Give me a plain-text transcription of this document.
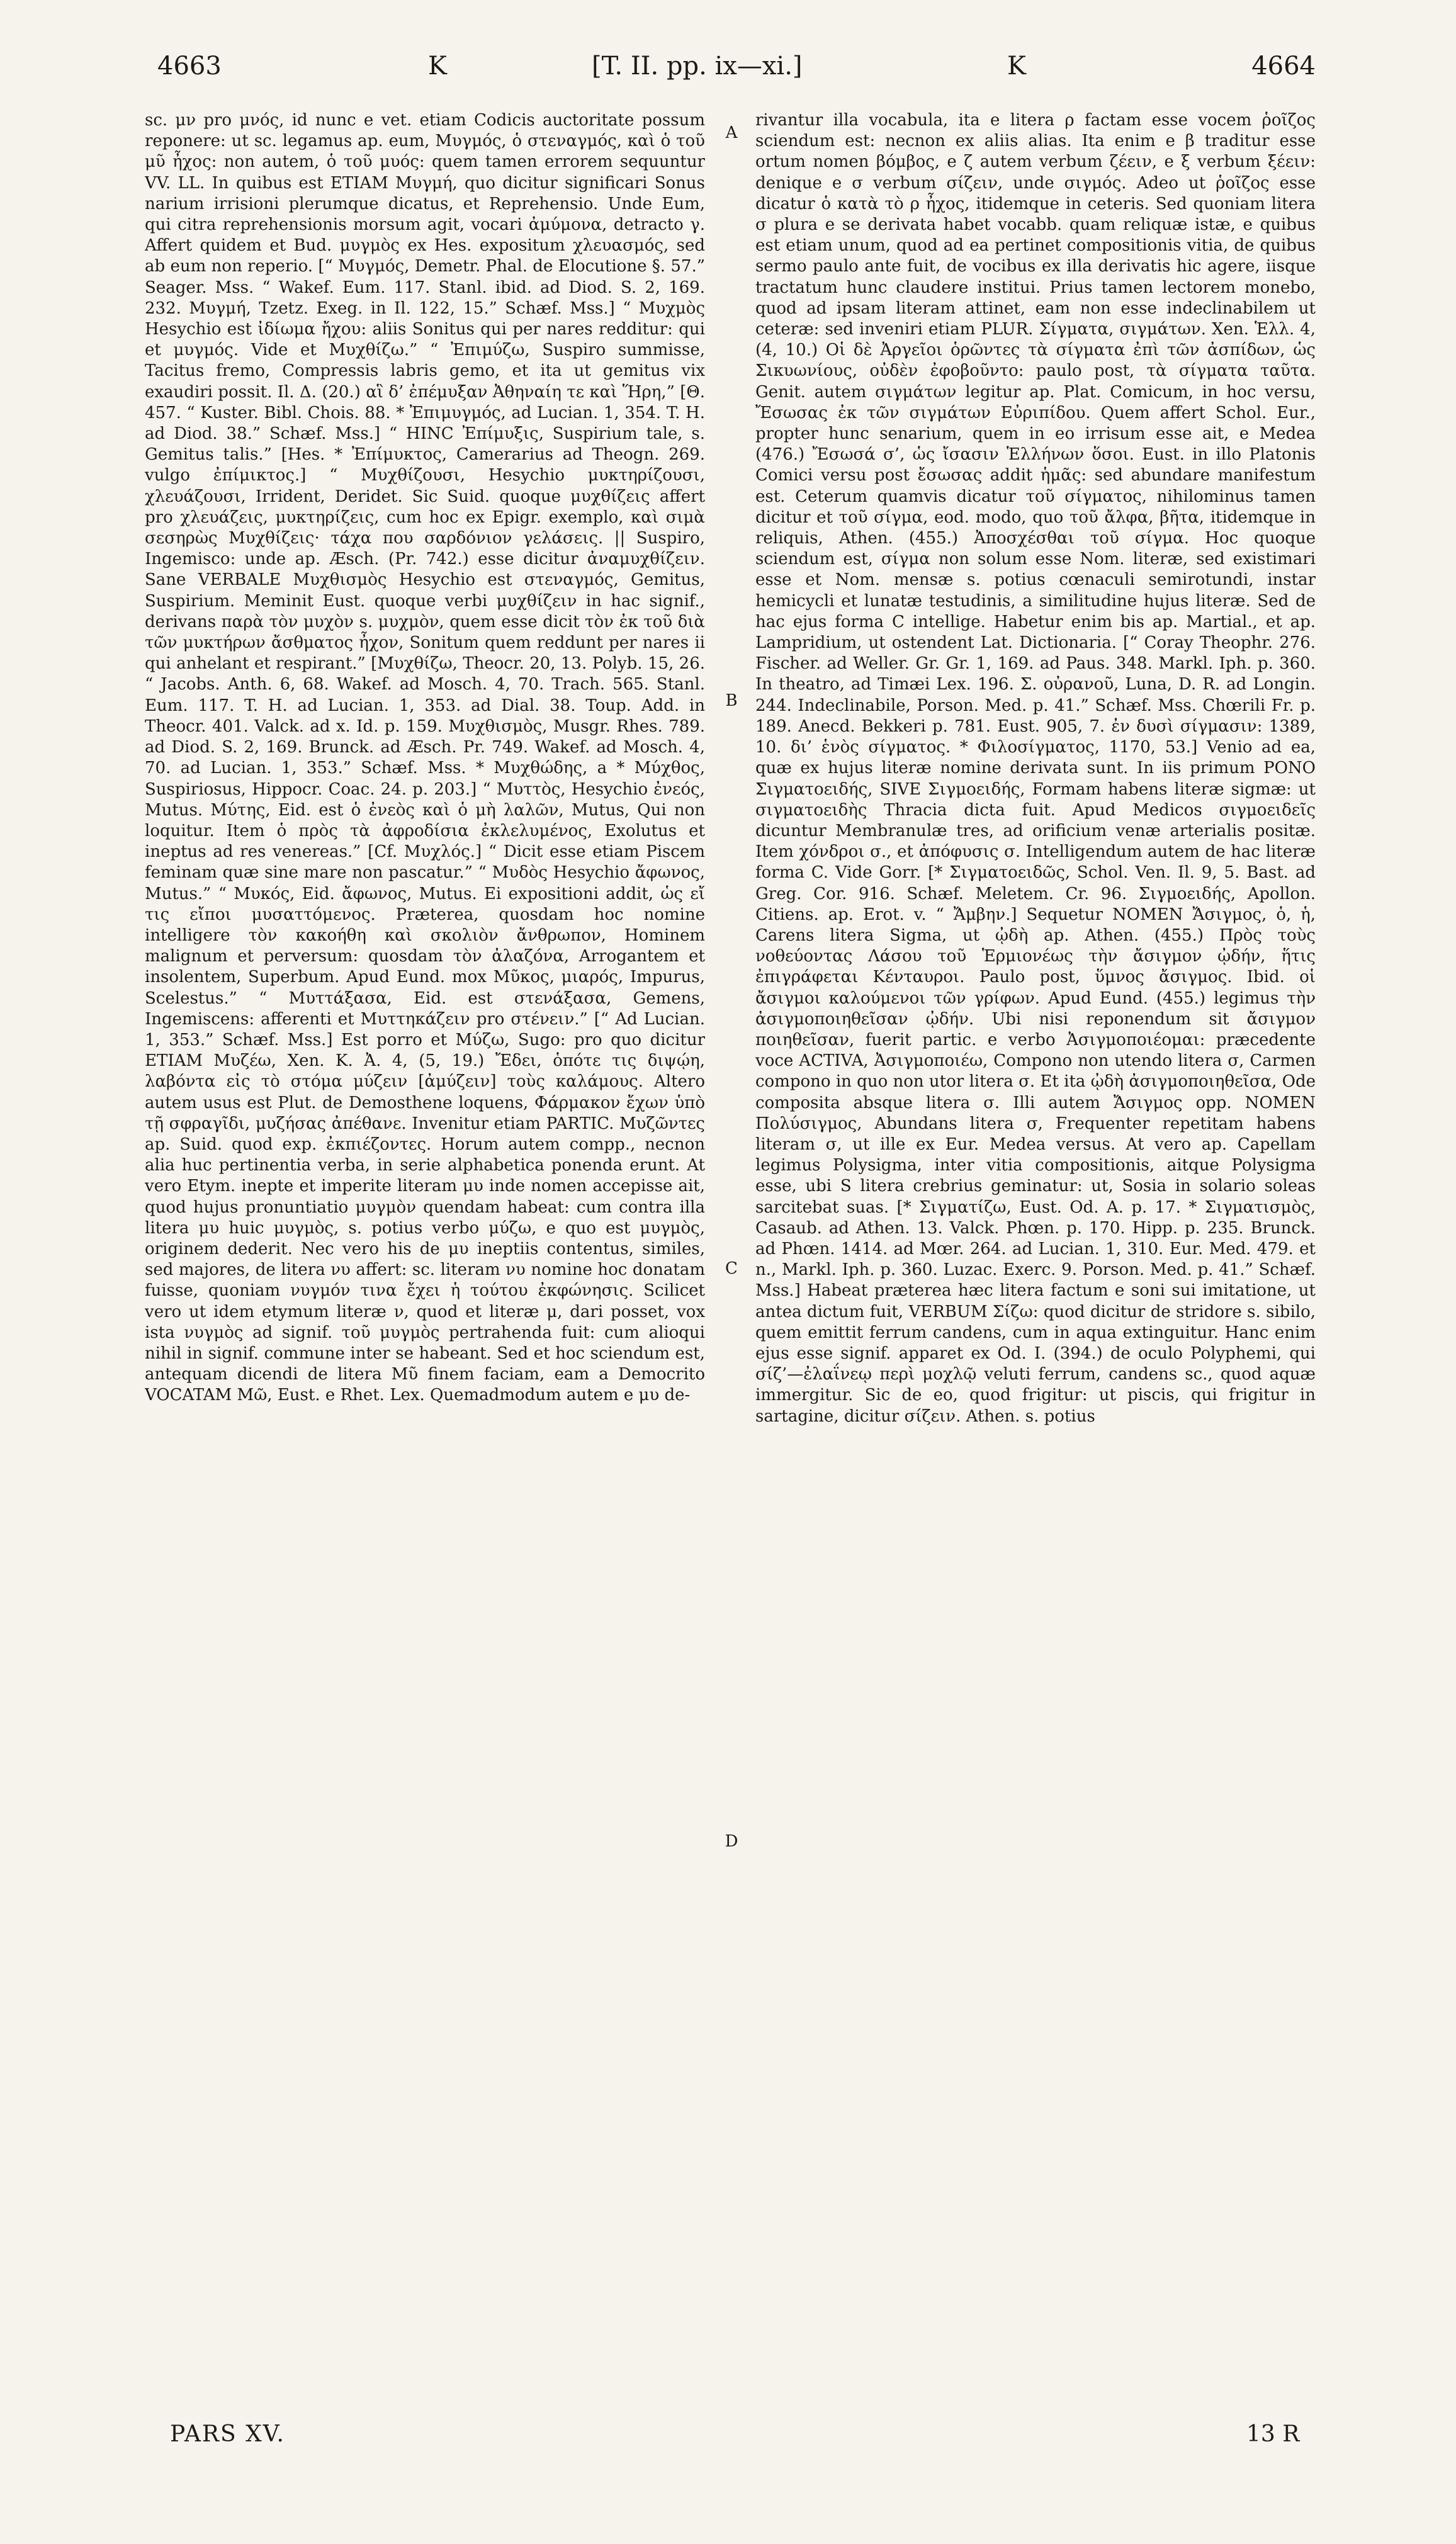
4663	K	[T. II. pp. ix—xi.]	K	4664

sc. μν pro μνός, id nunc e vet. etiam Codicis auctoritate possum reponere: ut sc. legamus ap. eum, Μυγμός, ὁ στεναγμός, καὶ ὁ τοῦ μῦ ἦχος: non autem, ὁ τοῦ μυός: quem tamen errorem sequuntur VV. LL. In quibus est ETIAM Μυγμή, quo dicitur significari Sonus narium irrisioni plerumque dicatus, et Reprehensio. Unde Eum, qui citra reprehensionis morsum agit, vocari ἀμύμονα, detracto γ. Affert quidem et Bud. μυγμὸς ex Hes. expositum χλευασμός, sed ab eum non reperio. [“ Μυγμός, Demetr. Phal. de Elocutione §. 57.” Seager. Mss. “ Wakef. Eum. 117. Stanl. ibid. ad Diod. S. 2, 169. 232. Μυγμή, Tzetz. Exeg. in Il. 122, 15.” Schæf. Mss.] “ Μυχμὸς Hesychio est ἰδίωμα ἤχου: aliis Sonitus qui per nares redditur: qui et μυγμός. Vide et Μυχθίζω.” “ Ἐπιμύζω, Suspiro summisse, Tacitus fremo, Compressis labris gemo, et ita ut gemitus vix exaudiri possit. Il. Δ. (20.) αἳ δ’ ἐπέμυξαν Ἀθηναίη τε καὶ Ἥρη,” [Θ. 457. “ Kuster. Bibl. Chois. 88. * Ἐπιμυγμός, ad Lucian. 1, 354. T. H. ad Diod. 38.” Schæf. Mss.] “ HINC Ἐπίμυξις, Suspirium tale, s. Gemitus talis.” [Hes. * Ἐπίμυκτος, Camerarius ad Theogn. 269. vulgo ἐπίμικτος.] “ Μυχθίζουσι, Hesychio μυκτηρίζουσι, χλευάζουσι, Irrident, Deridet. Sic Suid. quoque μυχθίζεις affert pro χλευάζεις, μυκτηρίζεις, cum hoc ex Epigr. exemplo, καὶ σιμὰ σεσηρὼς Μυχθίζεις· τάχα που σαρδόνιον γελάσεις. || Suspiro, Ingemisco: unde ap. Æsch. (Pr. 742.) esse dicitur ἀναμυχθίζειν. Sane VERBALE Μυχθισμὸς Hesychio est στεναγμός, Gemitus, Suspirium. Meminit Eust. quoque verbi μυχθίζειν in hac signif., derivans παρὰ τὸν μυχὸν s. μυχμὸν, quem esse dicit τὸν ἐκ τοῦ διὰ τῶν μυκτήρων ἄσθματος ἦχον, Sonitum quem reddunt per nares ii qui anhelant et respirant.” [Μυχθίζω, Theocr. 20, 13. Polyb. 15, 26. “ Jacobs. Anth. 6, 68. Wakef. ad Mosch. 4, 70. Trach. 565. Stanl. Eum. 117. T. H. ad Lucian. 1, 353. ad Dial. 38. Toup. Add. in Theocr. 401. Valck. ad x. Id. p. 159. Μυχθισμὸς, Musgr. Rhes. 789. ad Diod. S. 2, 169. Brunck. ad Æsch. Pr. 749. Wakef. ad Mosch. 4, 70. ad Lucian. 1, 353.” Schæf. Mss. * Μυχθώδης, a * Μύχθος, Suspiriosus, Hippocr. Coac. 24. p. 203.] “ Μυττὸς, Hesychio ἐνεός, Mutus. Μύτης, Eid. est ὁ ἐνεὸς καὶ ὁ μὴ λαλῶν, Mutus, Qui non loquitur. Item ὁ πρὸς τὰ ἀφροδίσια ἐκλελυμένος, Exolutus et ineptus ad res venereas.” [Cf. Μυχλός.] “ Dicit esse etiam Piscem feminam quæ sine mare non pascatur.” “ Μυδὸς Hesychio ἄφωνος, Mutus.” “ Μυκός, Eid. ἄφωνος, Mutus. Ei expositioni addit, ὡς εἴ τις εἴποι μυσαττόμενος. Præterea, quosdam hoc nomine intelligere τὸν κακοήθη καὶ σκολιὸν ἄνθρωπον, Hominem malignum et perversum: quosdam τὸν ἀλαζόνα, Arrogantem et insolentem, Superbum. Apud Eund. mox Μῦκος, μιαρός, Impurus, Scelestus.” “ Μυττάξασα, Eid. est στενάξασα, Gemens, Ingemiscens: afferenti et Μυττηκάζειν pro στένειν.” [“ Ad Lucian. 1, 353.” Schæf. Mss.] Est porro et Μύζω, Sugo: pro quo dicitur ETIAM Μυζέω, Xen. K. Ἀ. 4, (5, 19.) Ἔδει, ὁπότε τις διψῴη, λαβόντα εἰς τὸ στόμα μύζειν [ἀμύζειν] τοὺς καλάμους. Altero autem usus est Plut. de Demosthene loquens, Φάρμακον ἔχων ὑπὸ τῇ σφραγῖδι, μυζήσας ἀπέθανε. Invenitur etiam PARTIC. Μυζῶντες ap. Suid. quod exp. ἐκπιέζοντες. Horum autem compp., necnon alia huc pertinentia verba, in serie alphabetica ponenda erunt. At vero Etym. inepte et imperite literam μυ inde nomen accepisse ait, quod hujus pronuntiatio μυγμὸν quendam habeat: cum contra illa litera μυ huic μυγμὸς, s. potius verbo μύζω, e quo est μυγμὸς, originem dederit. Nec vero his de μυ ineptiis contentus, similes, sed majores, de litera νυ affert: sc. literam νυ nomine hoc donatam fuisse, quoniam νυγμόν τινα ἔχει ἡ τούτου ἐκφώνησις. Scilicet vero ut idem etymum literæ ν, quod et literæ μ, dari posset, vox ista νυγμὸς ad signif. τοῦ μυγμὸς pertrahenda fuit: cum alioqui nihil in signif. commune inter se habeant. Sed et hoc sciendum est, antequam dicendi de litera Μῦ finem faciam, eam a Democrito VOCATAM Μῶ, Eust. e Rhet. Lex. Quemadmodum autem e μυ de-

A
B
C
D

rivantur illa vocabula, ita e litera ρ factam esse vocem ῥοῖζος sciendum est: necnon ex aliis alias. Ita enim e β traditur esse ortum nomen βόμβος, e ζ autem verbum ζέειν, e ξ verbum ξέειν: denique e σ verbum σίζειν, unde σιγμός. Adeo ut ῥοῖζος esse dicatur ὁ κατὰ τὸ ρ ἦχος, itidemque in ceteris. Sed quoniam litera σ plura e se derivata habet vocabb. quam reliquæ istæ, e quibus est etiam unum, quod ad ea pertinet compositionis vitia, de quibus sermo paulo ante fuit, de vocibus ex illa derivatis hic agere, iisque tractatum hunc claudere institui. Prius tamen lectorem monebo, quod ad ipsam literam attinet, eam non esse indeclinabilem ut ceteræ: sed inveniri etiam PLUR. Σίγματα, σιγμάτων. Xen. Ἑλλ. 4, (4, 10.) Οἱ δὲ Ἀργεῖοι ὁρῶντες τὰ σίγματα ἐπὶ τῶν ἀσπίδων, ὡς Σικυωνίους, οὐδὲν ἐφοβοῦντο: paulo post, τὰ σίγματα ταῦτα. Genit. autem σιγμάτων legitur ap. Plat. Comicum, in hoc versu, Ἔσωσας ἐκ τῶν σιγμάτων Εὐριπίδου. Quem affert Schol. Eur., propter hunc senarium, quem in eo irrisum esse ait, e Medea (476.) Ἔσωσά σ’, ὡς ἴσασιν Ἑλλήνων ὅσοι. Eust. in illo Platonis Comici versu post ἔσωσας addit ἡμᾶς: sed abundare manifestum est. Ceterum quamvis dicatur τοῦ σίγματος, nihilominus tamen dicitur et τοῦ σίγμα, eod. modo, quo τοῦ ἄλφα, βῆτα, itidemque in reliquis, Athen. (455.) Ἀποσχέσθαι τοῦ σίγμα. Hoc quoque sciendum est, σίγμα non solum esse Nom. literæ, sed existimari esse et Nom. mensæ s. potius cœnaculi semirotundi, instar hemicycli et lunatæ testudinis, a similitudine hujus literæ. Sed de hac ejus forma C intellige. Habetur enim bis ap. Martial., et ap. Lampridium, ut ostendent Lat. Dictionaria. [“ Coray Theophr. 276. Fischer. ad Weller. Gr. Gr. 1, 169. ad Paus. 348. Markl. Iph. p. 360. In theatro, ad Timæi Lex. 196. Σ. οὐρανοῦ, Luna, D. R. ad Longin. 244. Indeclinabile, Porson. Med. p. 41.” Schæf. Mss. Chœrili Fr. p. 189. Anecd. Bekkeri p. 781. Eust. 905, 7. ἐν δυσὶ σίγμασιν: 1389, 10. δι’ ἑνὸς σίγματος. * Φιλοσίγματος, 1170, 53.] Venio ad ea, quæ ex hujus literæ nomine derivata sunt. In iis primum PONO Σιγματοειδής, SIVE Σιγμοειδής, Formam habens literæ sigmæ: ut σιγματοειδὴς Thracia dicta fuit. Apud Medicos σιγμοειδεῖς dicuntur Membranulæ tres, ad orificium venæ arterialis positæ. Item χόνδροι σ., et ἀπόφυσις σ. Intelligendum autem de hac literæ forma C. Vide Gorr. [* Σιγματοειδῶς, Schol. Ven. Il. 9, 5. Bast. ad Greg. Cor. 916. Schæf. Meletem. Cr. 96. Σιγμοειδής, Apollon. Citiens. ap. Erot. v. “ Ἄμβην.] Sequetur NOMEN Ἄσιγμος, ὁ, ἡ, Carens litera Sigma, ut ᾠδὴ ap. Athen. (455.) Πρὸς τοὺς νοθεύοντας Λάσου τοῦ Ἑρμιονέως τὴν ἄσιγμον ᾠδήν, ἥτις ἐπιγράφεται Κένταυροι. Paulo post, ὕμνος ἄσιγμος. Ibid. οἱ ἄσιγμοι καλούμενοι τῶν γρίφων. Apud Eund. (455.) legimus τὴν ἀσιγμοποιηθεῖσαν ᾠδήν. Ubi nisi reponendum sit ἄσιγμον ποιηθεῖσαν, fuerit partic. e verbo Ἀσιγμοποιέομαι: præcedente voce ACTIVA, Ἀσιγμοποιέω, Compono non utendo litera σ, Carmen compono in quo non utor litera σ. Et ita ᾠδὴ ἀσιγμοποιηθεῖσα, Ode composita absque litera σ. Illi autem Ἄσιγμος opp. NOMEN Πολύσιγμος, Abundans litera σ, Frequenter repetitam habens literam σ, ut ille ex Eur. Medea versus. At vero ap. Capellam legimus Polysigma, inter vitia compositionis, aitque Polysigma esse, ubi S litera crebrius geminatur: ut, Sosia in solario soleas sarcitebat suas. [* Σιγματίζω, Eust. Od. A. p. 17. * Σιγματισμὸς, Casaub. ad Athen. 13. Valck. Phœn. p. 170. Hipp. p. 235. Brunck. ad Phœn. 1414. ad Mœr. 264. ad Lucian. 1, 310. Eur. Med. 479. et n., Markl. Iph. p. 360. Luzac. Exerc. 9. Porson. Med. p. 41.” Schæf. Mss.] Habeat præterea hæc litera factum e soni sui imitatione, ut antea dictum fuit, VERBUM Σίζω: quod dicitur de stridore s. sibilo, quem emittit ferrum candens, cum in aqua extinguitur. Hanc enim ejus esse signif. apparet ex Od. I. (394.) de oculo Polyphemi, qui σίζ’—ἐλαΐνεῳ περὶ μοχλῷ veluti ferrum, candens sc., quod aquæ immergitur. Sic de eo, quod frigitur: ut piscis, qui frigitur in sartagine, dicitur σίζειν. Athen. s. potius

PARS XV.	13 R
